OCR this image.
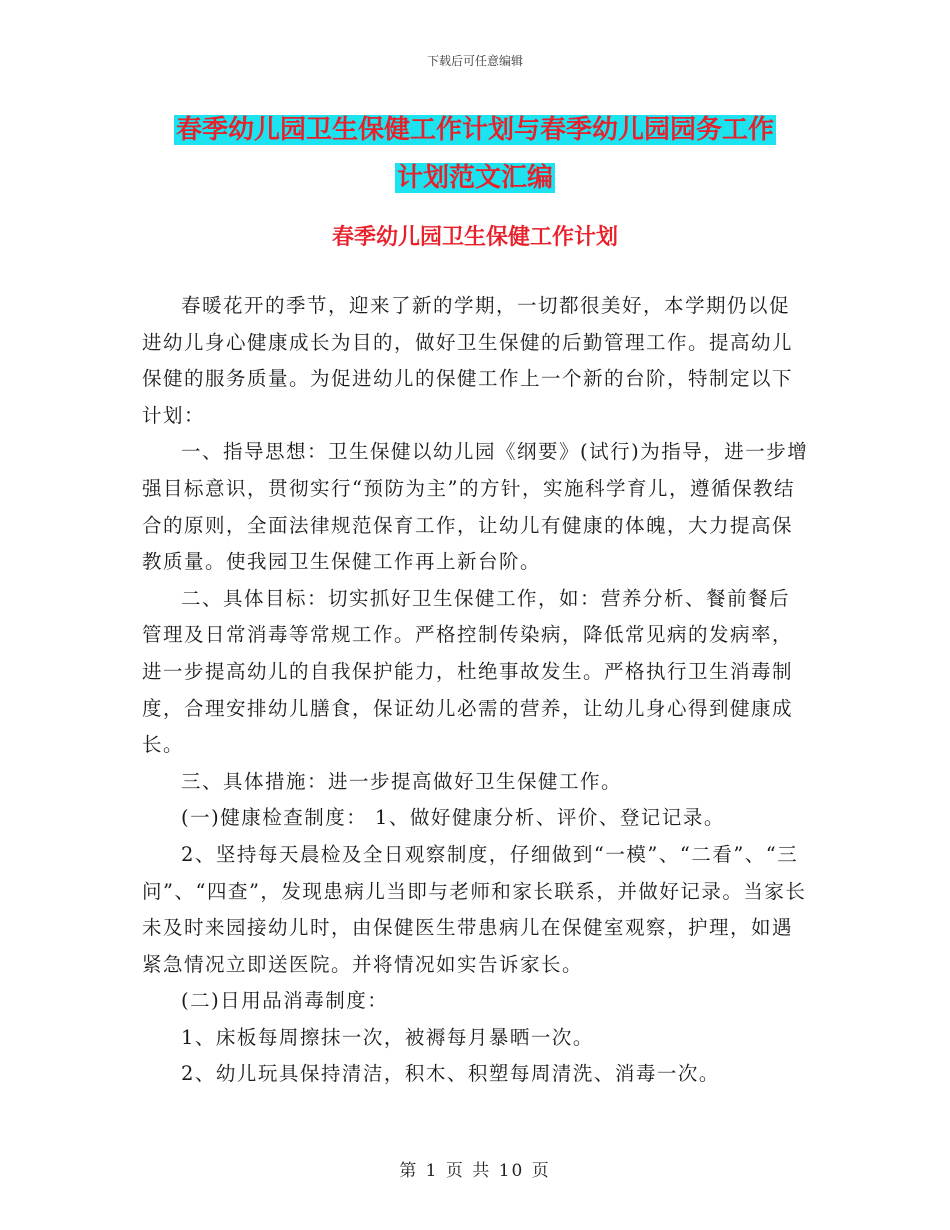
下载后可任意编辑
春季幼儿园卫生保健工作计划与春季幼儿园园务工作
计划范文汇编
春季幼儿园卫生保健工作计划

春暖花开的季节，迎来了新的学期，一切都很美好，本学期仍以促进幼儿身心健康成长为目的，做好卫生保健的后勤管理工作。提高幼儿保健的服务质量。为促进幼儿的保健工作上一个新的台阶，特制定以下计划：

一、指导思想：卫生保健以幼儿园《纲要》(试行)为指导，进一步增强目标意识，贯彻实行“预防为主”的方针，实施科学育儿，遵循保教结合的原则，全面法律规范保育工作，让幼儿有健康的体魄，大力提高保教质量。使我园卫生保健工作再上新台阶。

二、具体目标：切实抓好卫生保健工作，如：营养分析、餐前餐后管理及日常消毒等常规工作。严格控制传染病，降低常见病的发病率，进一步提高幼儿的自我保护能力，杜绝事故发生。严格执行卫生消毒制度，合理安排幼儿膳食，保证幼儿必需的营养，让幼儿身心得到健康成长。

三、具体措施：进一步提高做好卫生保健工作。

(一)健康检查制度： 1、做好健康分析、评价、登记记录。

2、坚持每天晨检及全日观察制度，仔细做到“一模”、“二看”、“三问”、“四查”，发现患病儿当即与老师和家长联系，并做好记录。当家长未及时来园接幼儿时，由保健医生带患病儿在保健室观察，护理，如遇紧急情况立即送医院。并将情况如实告诉家长。

(二)日用品消毒制度：

1、床板每周擦抹一次，被褥每月暴晒一次。

2、幼儿玩具保持清洁，积木、积塑每周清洗、消毒一次。

第 1 页 共 10 页
